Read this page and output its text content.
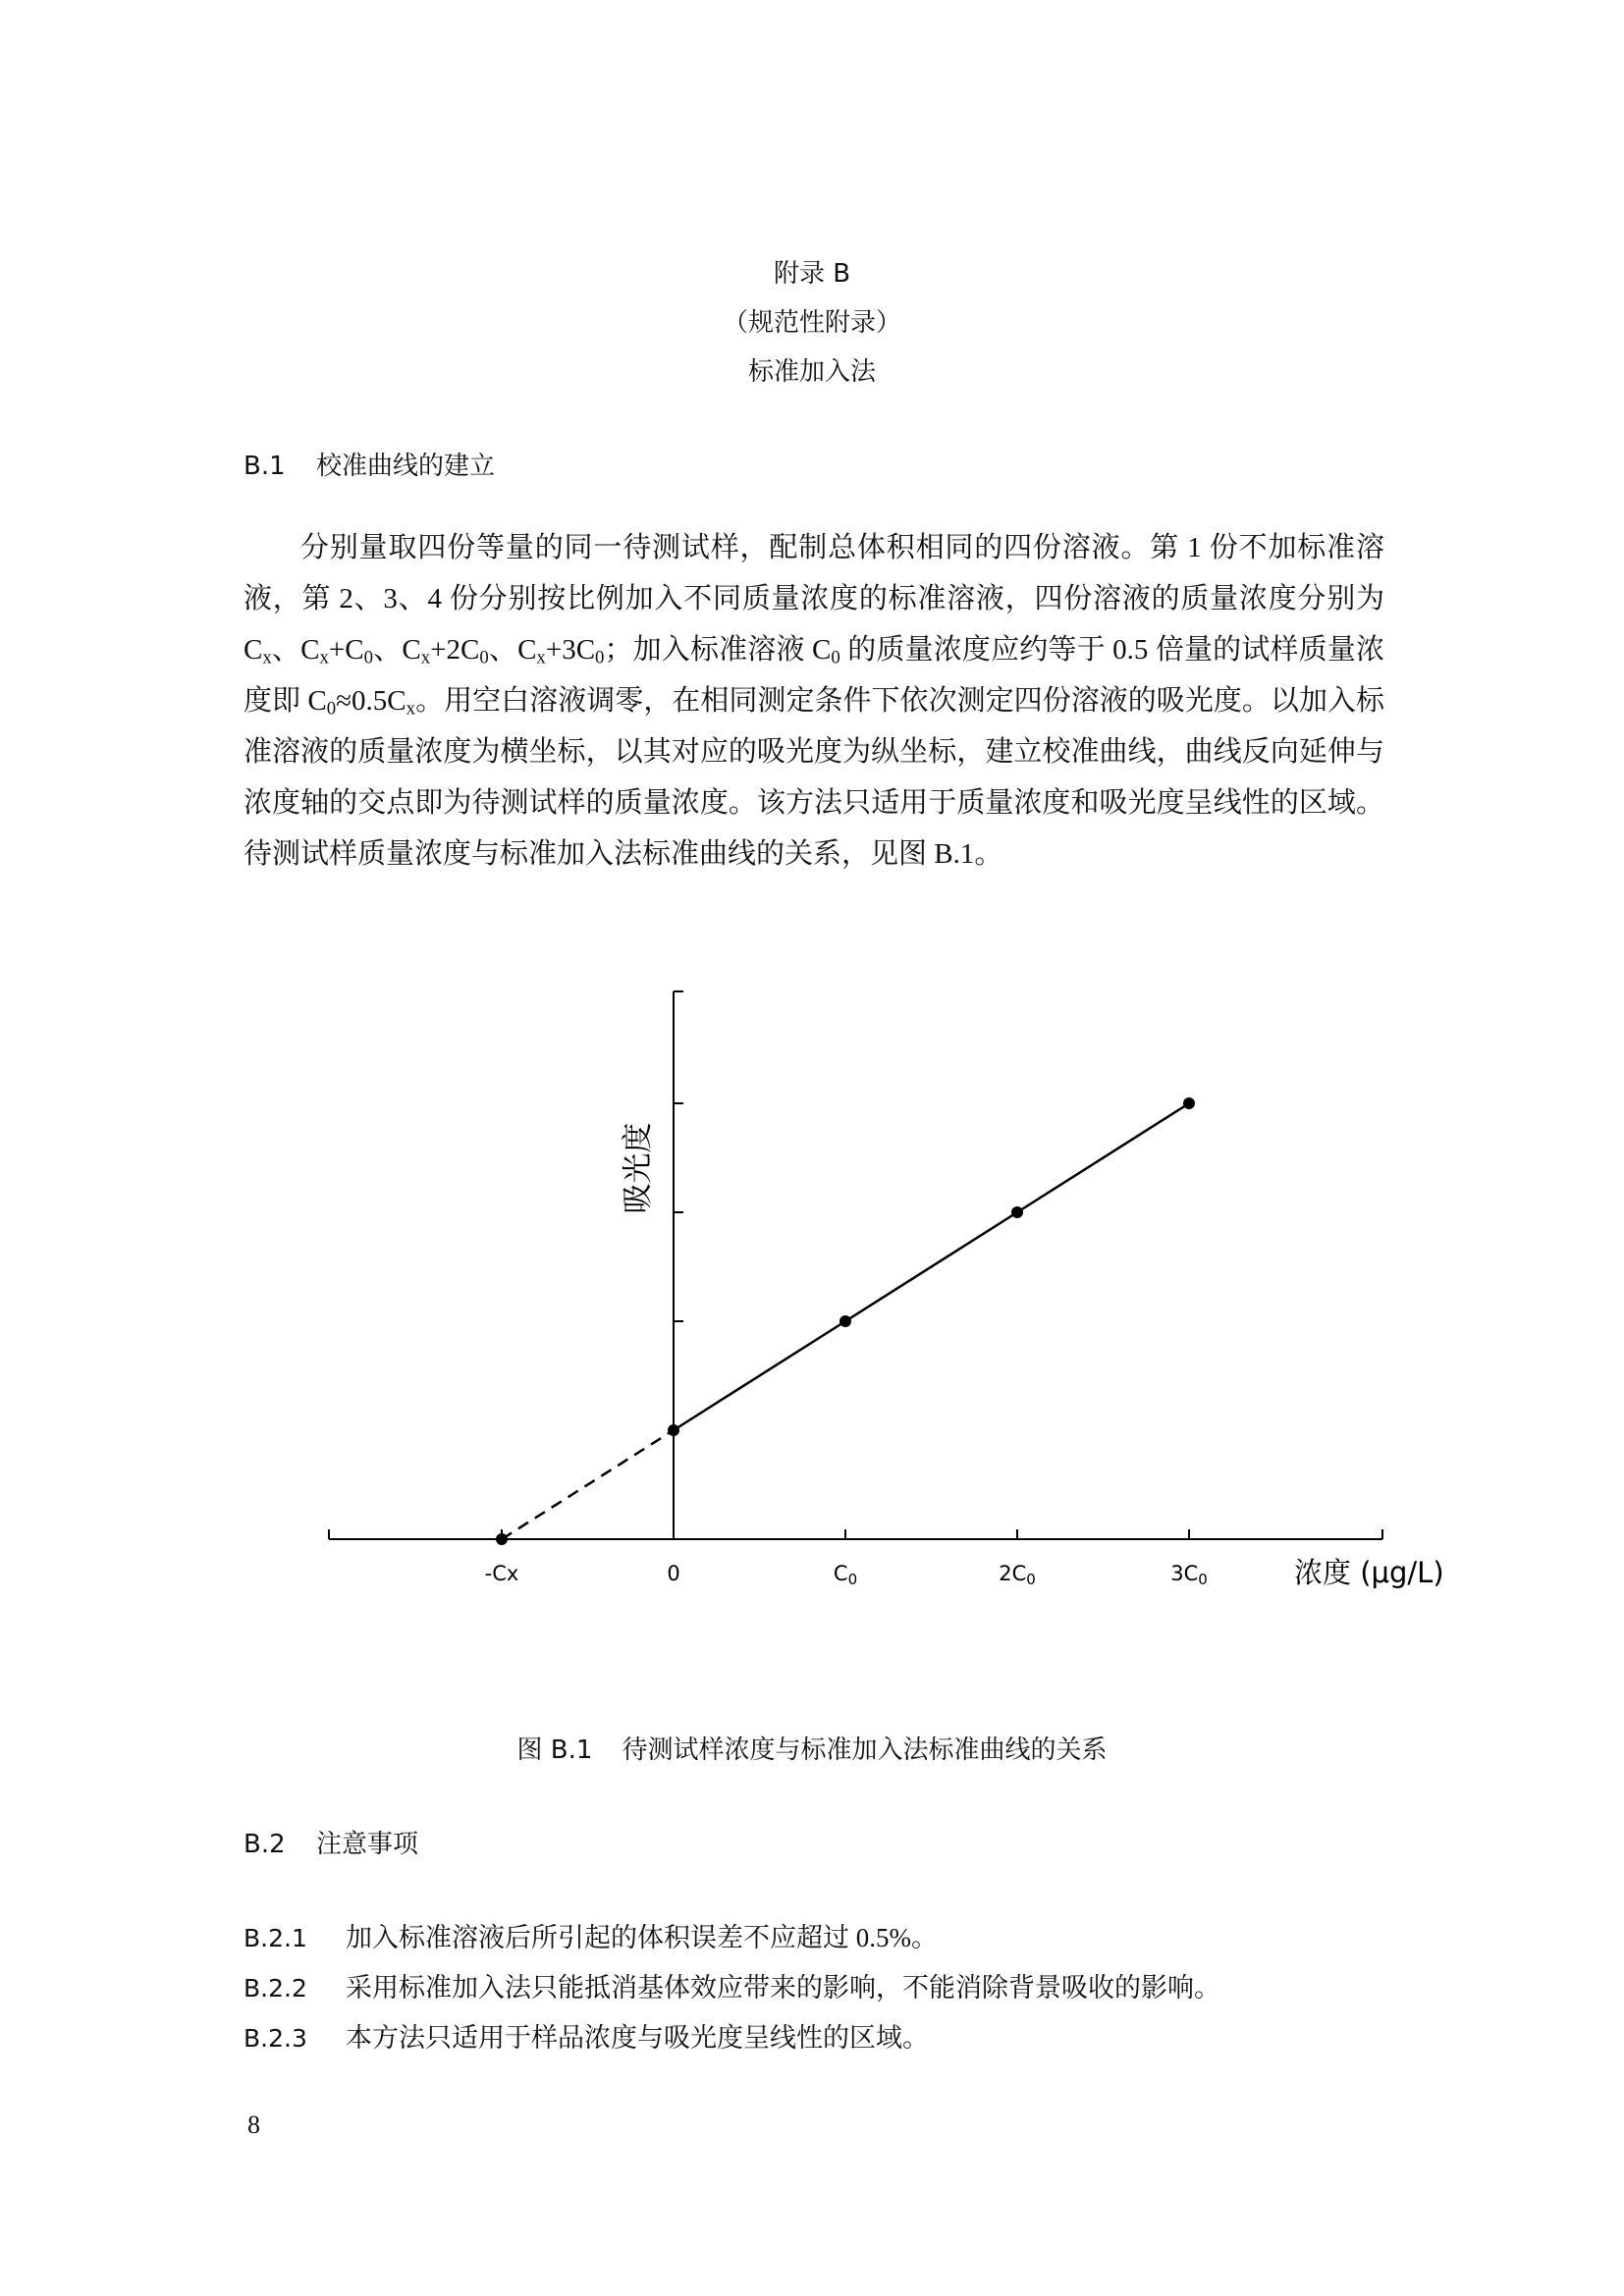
附录 B
（规范性附录）
标准加入法
B.1 校准曲线的建立

分别量取四份等量的同一待测试样，配制总体积相同的四份溶液。第 1 份不加标准溶液，第 2、3、4 份分别按比例加入不同质量浓度的标准溶液，四份溶液的质量浓度分别为 $C_x$、$C_x+C_0$、$C_x+2C_0$、$C_x+3C_0$；加入标准溶液 $C_0$ 的质量浓度应约等于 0.5 倍量的试样质量浓度即 $C_0\approx 0.5C_x$。用空白溶液调零，在相同测定条件下依次测定四份溶液的吸光度。以加入标准溶液的质量浓度为横坐标，以其对应的吸光度为纵坐标，建立校准曲线，曲线反向延伸与浓度轴的交点即为待测试样的质量浓度。该方法只适用于质量浓度和吸光度呈线性的区域。待测试样质量浓度与标准加入法标准曲线的关系，见图 B.1。

-Cx	0	C0	2C0	3C0	浓度 (μg/L)
吸光度
图 B.1 待测试样浓度与标准加入法标准曲线的关系
B.2 注意事项
B.2.1 加入标准溶液后所引起的体积误差不应超过 0.5%。
B.2.2 采用标准加入法只能抵消基体效应带来的影响，不能消除背景吸收的影响。
B.2.3 本方法只适用于样品浓度与吸光度呈线性的区域。
8
